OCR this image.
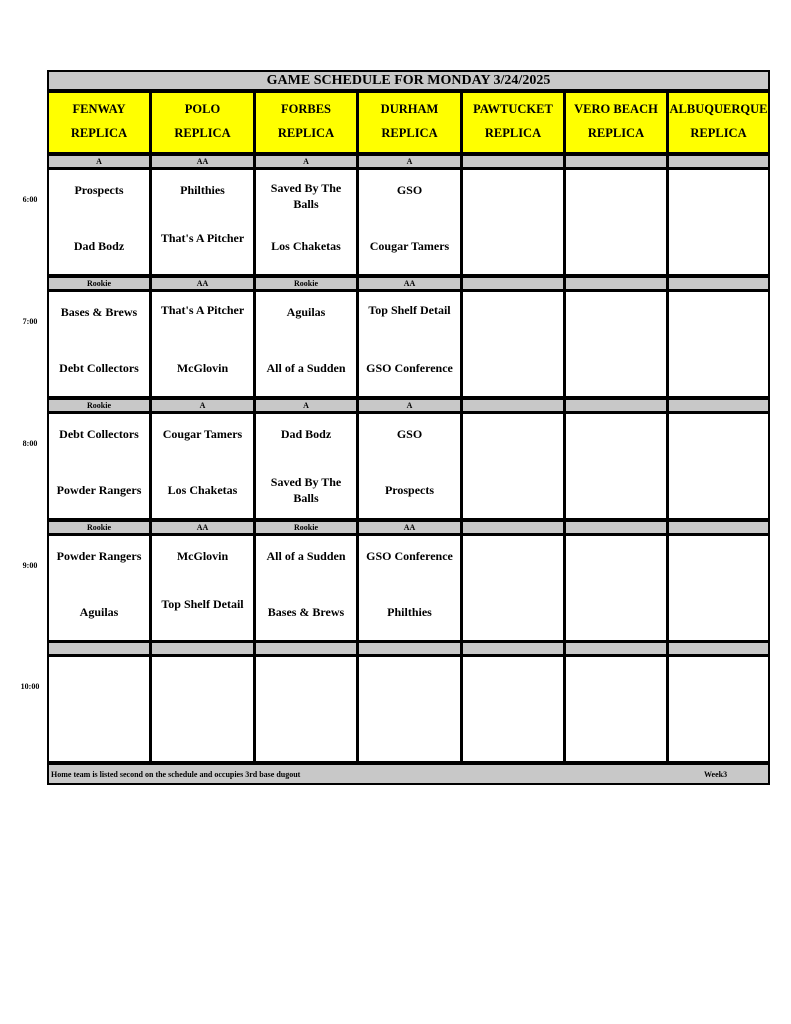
GAME SCHEDULE FOR MONDAY 3/24/2025
FENWAY
REPLICA
POLO
REPLICA
FORBES
REPLICA
DURHAM
REPLICA
PAWTUCKET
REPLICA
VERO BEACH
REPLICA
ALBUQUERQUE
REPLICA
6:00
A
Prospects
Dad Bodz
AA
Philthies
That's A Pitcher
A
Saved By The Balls
Los Chaketas
A
GSO
Cougar Tamers
7:00
Rookie
Bases & Brews
Debt Collectors
AA
That's A Pitcher
McGlovin
Rookie
Aguilas
All of a Sudden
AA
Top Shelf Detail
GSO Conference
8:00
Rookie
Debt Collectors
Powder Rangers
A
Cougar Tamers
Los Chaketas
A
Dad Bodz
Saved By The Balls
A
GSO
Prospects
9:00
Rookie
Powder Rangers
Aguilas
AA
McGlovin
Top Shelf Detail
Rookie
All of a Sudden
Bases & Brews
AA
GSO Conference
Philthies
10:00
Home team is listed second on the schedule and occupies 3rd base dugout	Week3
